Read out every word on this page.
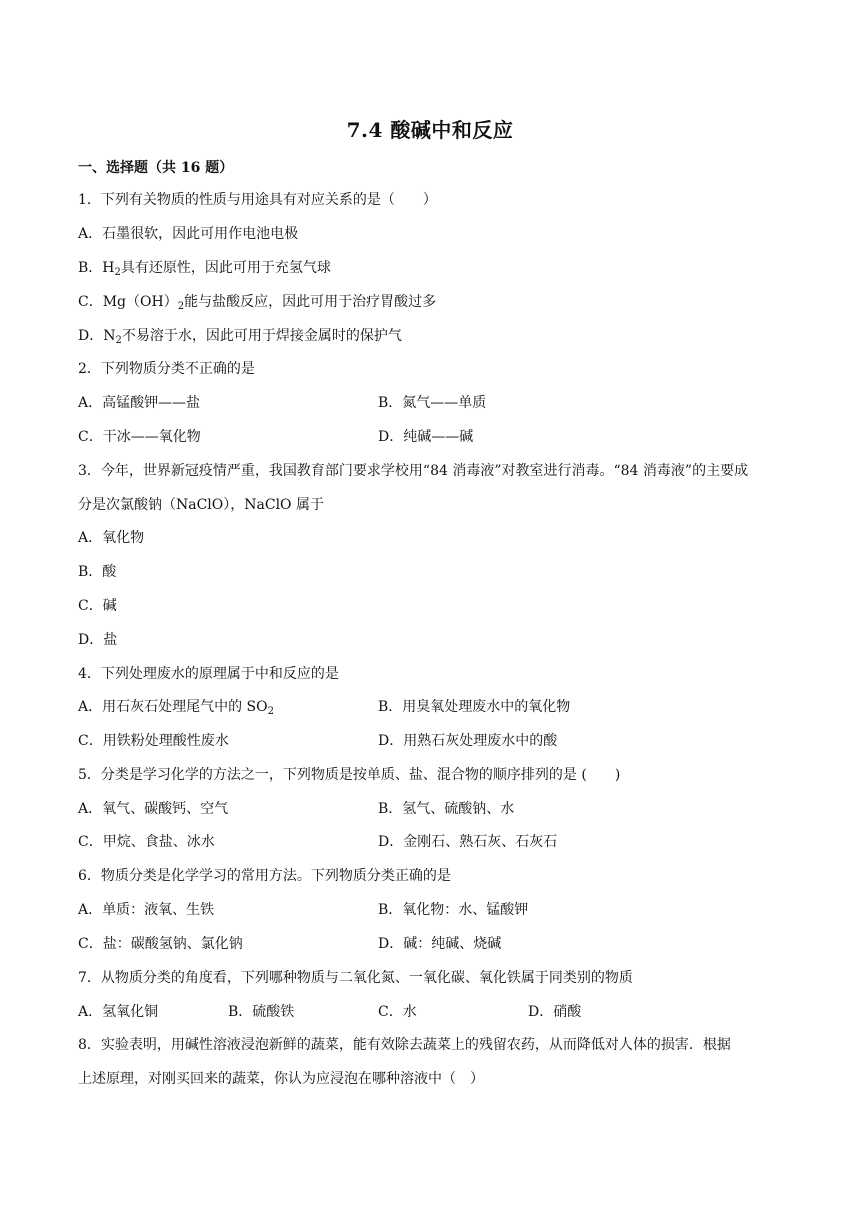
7.4 酸碱中和反应
一、选择题（共 16 题）
1．下列有关物质的性质与用途具有对应关系的是（　　）
A．石墨很软，因此可用作电池电极
B．$H_2$具有还原性，因此可用于充氢气球
C．$Mg(OH)_2$能与盐酸反应，因此可用于治疗胃酸过多
D．$N_2$不易溶于水，因此可用于焊接金属时的保护气
2．下列物质分类不正确的是
A．高锰酸钾——盐	B．氮气——单质
C．干冰——氧化物	D．纯碱——碱
3．今年，世界新冠疫情严重，我国教育部门要求学校用“84 消毒液”对教室进行消毒。“84 消毒液”的主要成
分是次氯酸钠（NaClO），NaClO 属于
A．氧化物
B．酸
C．碱
D．盐
4．下列处理废水的原理属于中和反应的是
A．用石灰石处理尾气中的 $SO_2$	B．用臭氧处理废水中的氧化物
C．用铁粉处理酸性废水	D．用熟石灰处理废水中的酸
5．分类是学习化学的方法之一，下列物质是按单质、盐、混合物的顺序排列的是 (　　)
A．氧气、碳酸钙、空气	B．氢气、硫酸钠、水
C．甲烷、食盐、冰水	D．金刚石、熟石灰、石灰石
6．物质分类是化学学习的常用方法。下列物质分类正确的是
A．单质：液氧、生铁	B．氧化物：水、锰酸钾
C．盐：碳酸氢钠、氯化钠	D．碱：纯碱、烧碱
7．从物质分类的角度看，下列哪种物质与二氧化氮、一氧化碳、氧化铁属于同类别的物质
A．氢氧化铜	B．硫酸铁	C．水	D．硝酸
8．实验表明，用碱性溶液浸泡新鲜的蔬菜，能有效除去蔬菜上的残留农药，从而降低对人体的损害．根据
上述原理，对刚买回来的蔬菜，你认为应浸泡在哪种溶液中（　）
